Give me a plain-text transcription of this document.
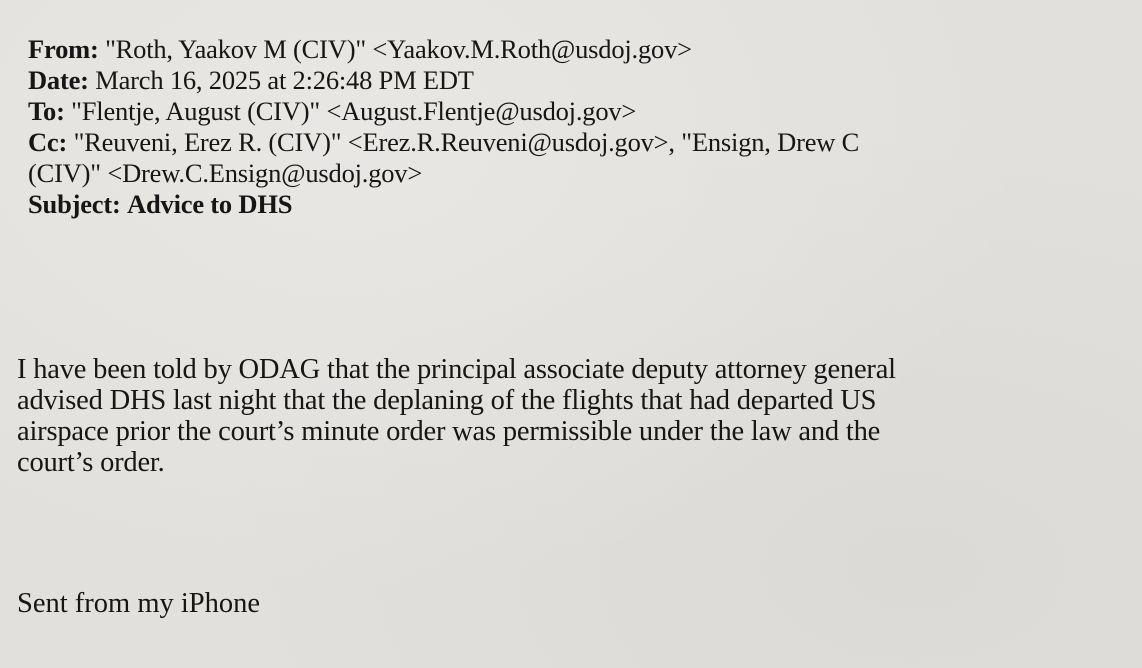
From: "Roth, Yaakov M (CIV)" <Yaakov.M.Roth@usdoj.gov>
Date: March 16, 2025 at 2:26:48 PM EDT
To: "Flentje, August (CIV)" <August.Flentje@usdoj.gov>
Cc: "Reuveni, Erez R. (CIV)" <Erez.R.Reuveni@usdoj.gov>, "Ensign, Drew C
(CIV)" <Drew.C.Ensign@usdoj.gov>
Subject: Advice to DHS

I have been told by ODAG that the principal associate deputy attorney general

advised DHS last night that the deplaning of the flights that had departed US

airspace prior the court’s minute order was permissible under the law and the

court’s order.

Sent from my iPhone
